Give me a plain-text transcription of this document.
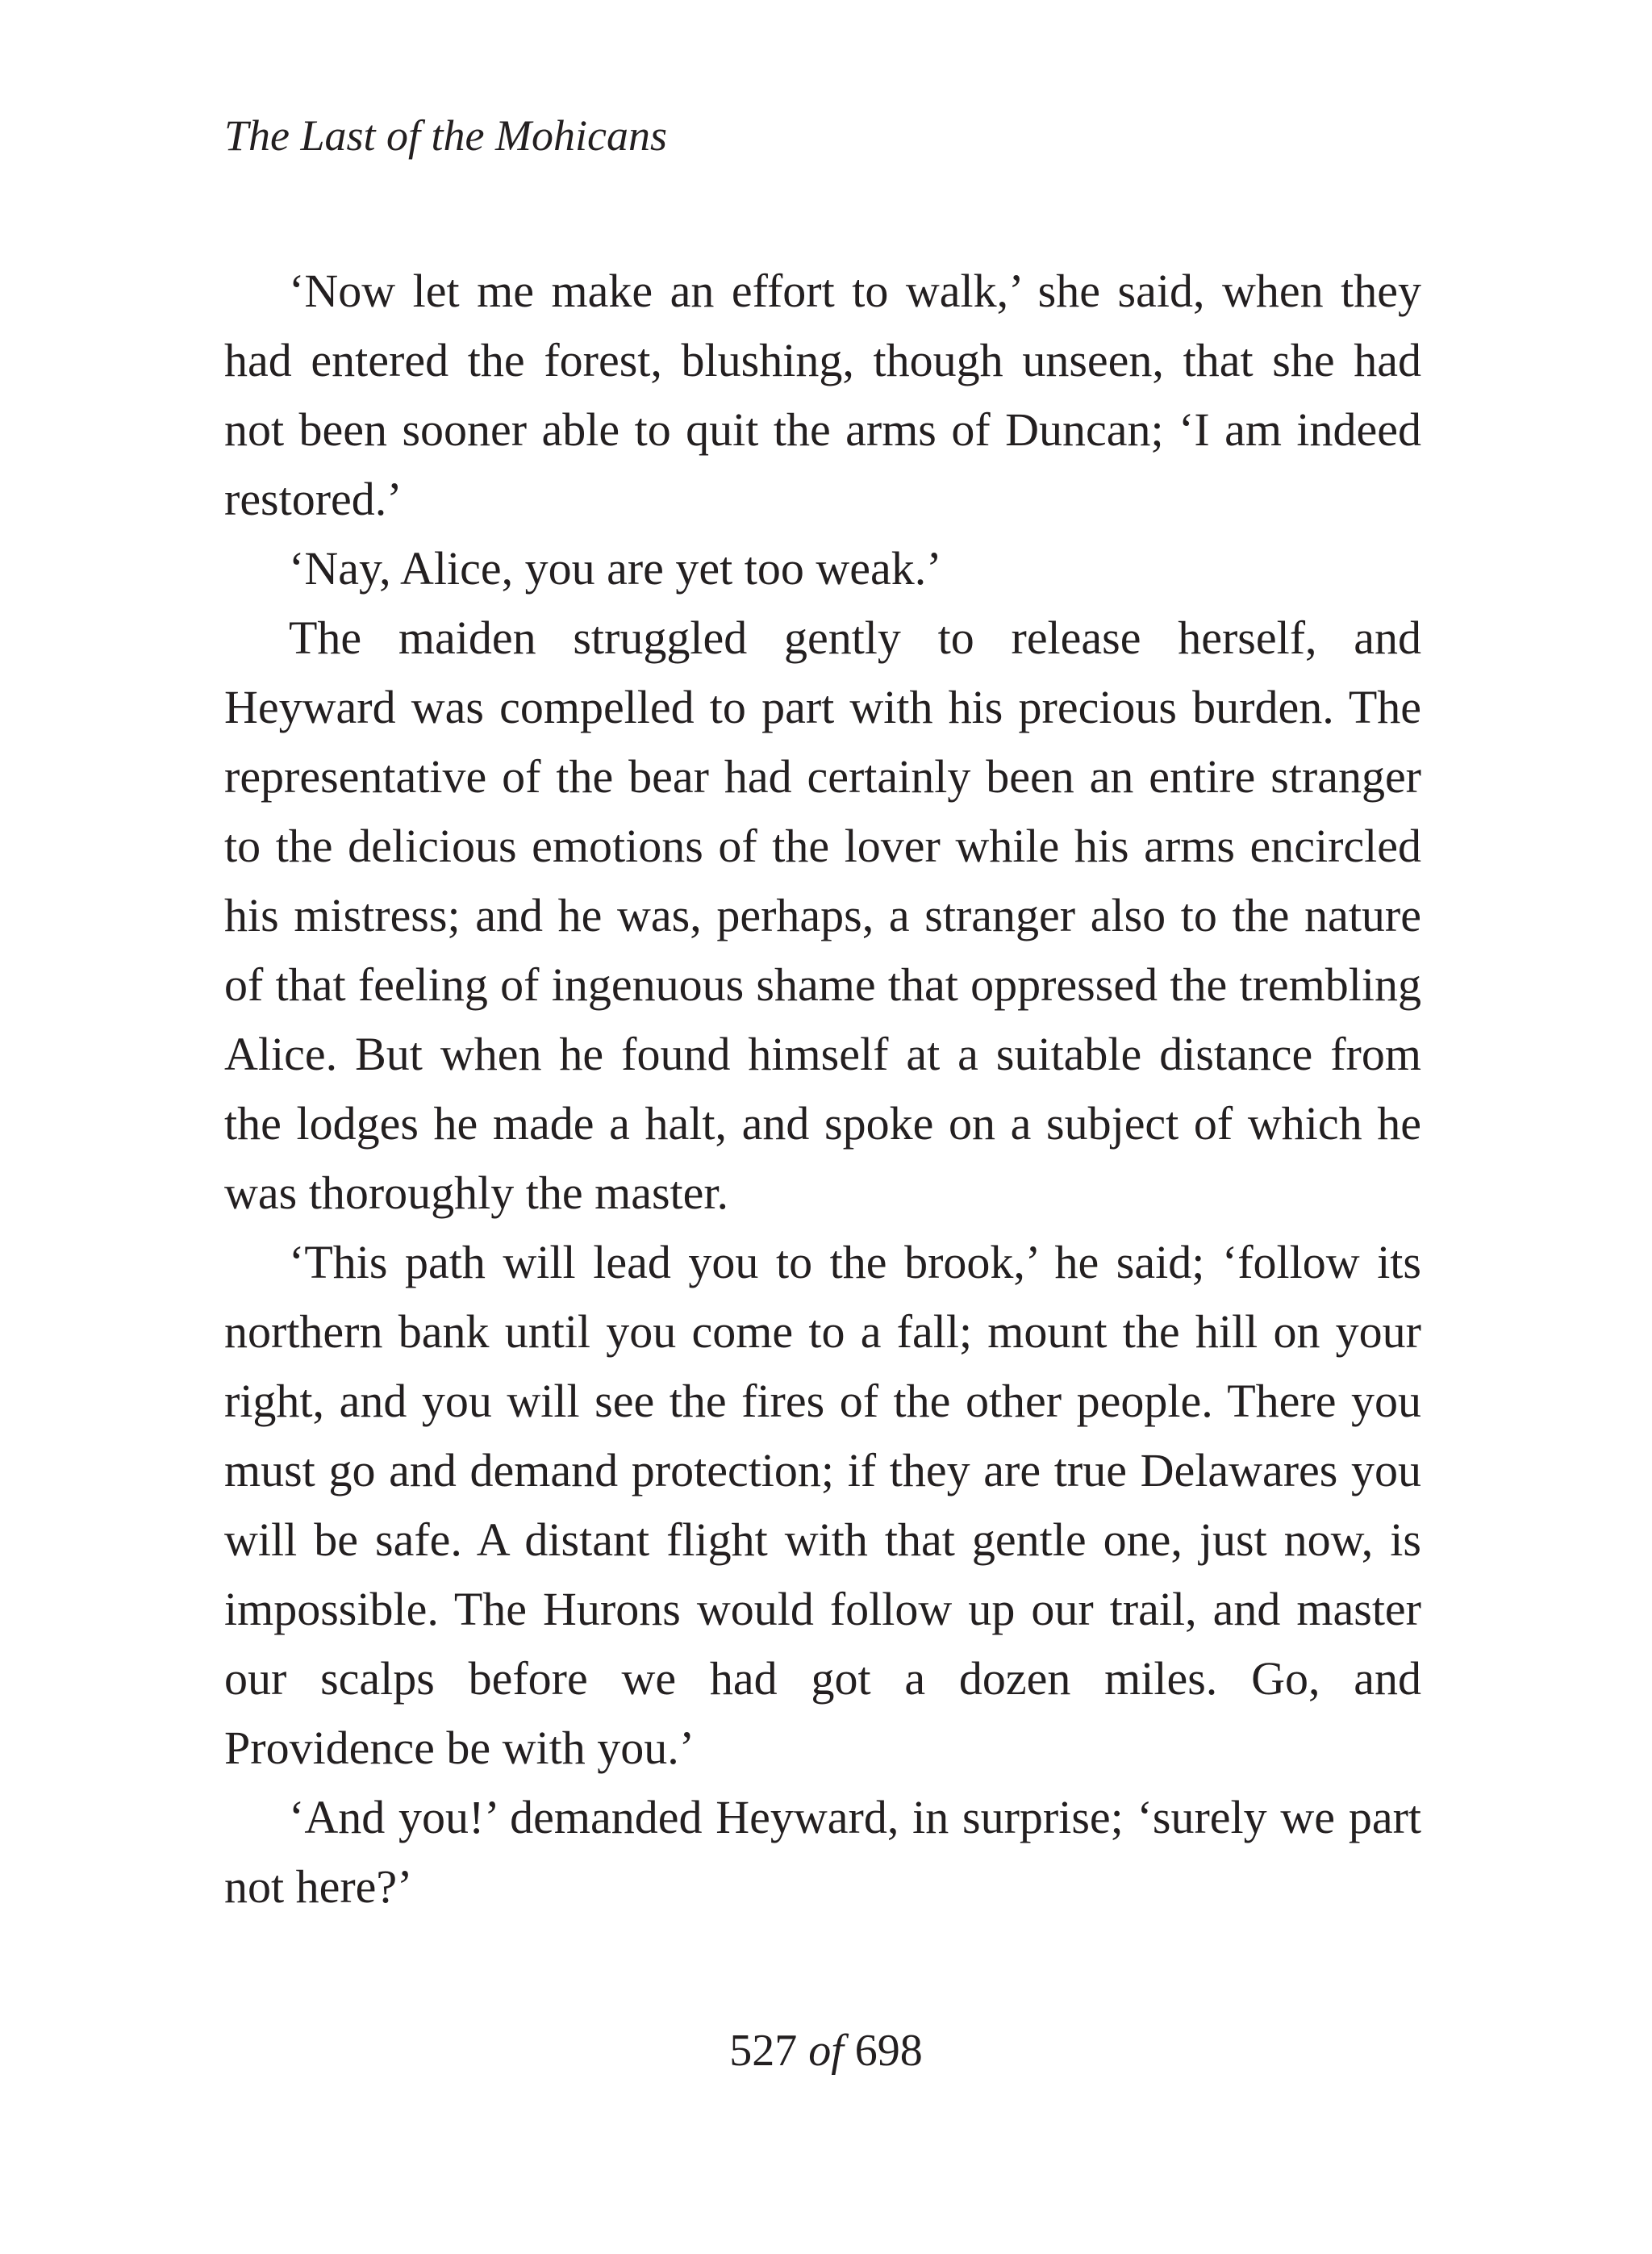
The Last of the Mohicans

‘Now let me make an effort to walk,’ she said, when they had entered the forest, blushing, though unseen, that she had not been sooner able to quit the arms of Duncan; ‘I am indeed restored.’

‘Nay, Alice, you are yet too weak.’

The maiden struggled gently to release herself, and Heyward was compelled to part with his precious burden. The representative of the bear had certainly been an entire stranger to the delicious emotions of the lover while his arms encircled his mistress; and he was, perhaps, a stranger also to the nature of that feeling of ingenuous shame that oppressed the trembling Alice. But when he found himself at a suitable distance from the lodges he made a halt, and spoke on a subject of which he was thoroughly the master.

‘This path will lead you to the brook,’ he said; ‘follow its northern bank until you come to a fall; mount the hill on your right, and you will see the fires of the other people. There you must go and demand protection; if they are true Delawares you will be safe. A distant flight with that gentle one, just now, is impossible. The Hurons would follow up our trail, and master our scalps before we had got a dozen miles. Go, and Providence be with you.’

‘And you!’ demanded Heyward, in surprise; ‘surely we part not here?’

527 of 698
